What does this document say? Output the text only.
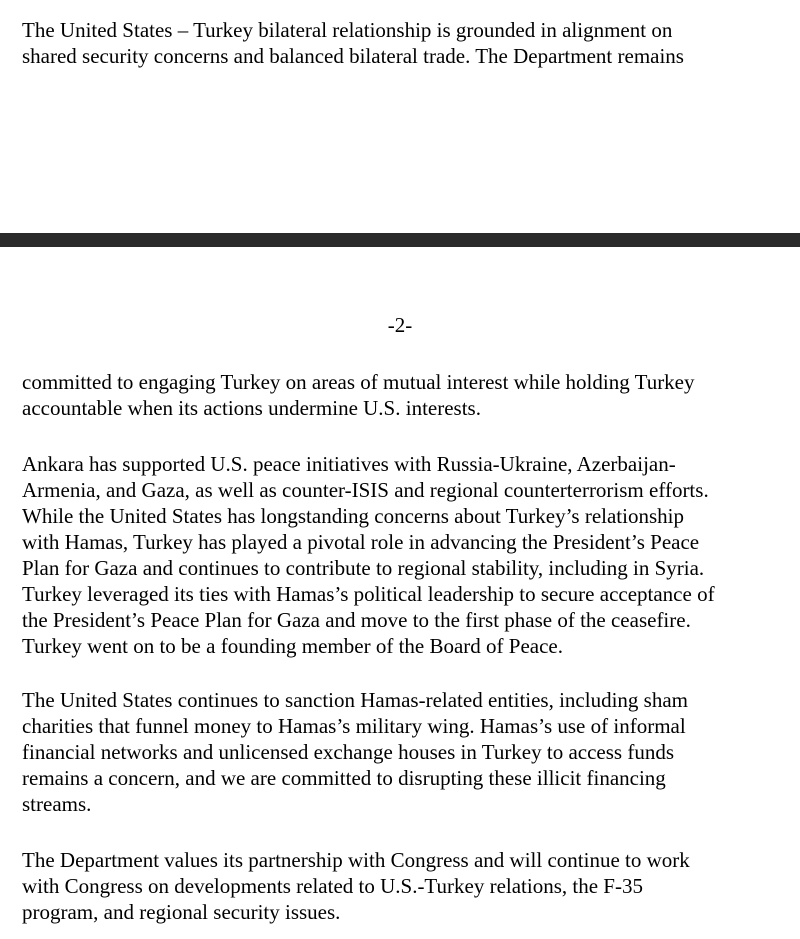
The United States – Turkey bilateral relationship is grounded in alignment on

shared security concerns and balanced bilateral trade. The Department remains

-2-

committed to engaging Turkey on areas of mutual interest while holding Turkey

accountable when its actions undermine U.S. interests.

Ankara has supported U.S. peace initiatives with Russia-Ukraine, Azerbaijan-

Armenia, and Gaza, as well as counter-ISIS and regional counterterrorism efforts.

While the United States has longstanding concerns about Turkey’s relationship

with Hamas, Turkey has played a pivotal role in advancing the President’s Peace

Plan for Gaza and continues to contribute to regional stability, including in Syria.

Turkey leveraged its ties with Hamas’s political leadership to secure acceptance of

the President’s Peace Plan for Gaza and move to the first phase of the ceasefire.

Turkey went on to be a founding member of the Board of Peace.

The United States continues to sanction Hamas-related entities, including sham

charities that funnel money to Hamas’s military wing. Hamas’s use of informal

financial networks and unlicensed exchange houses in Turkey to access funds

remains a concern, and we are committed to disrupting these illicit financing

streams.

The Department values its partnership with Congress and will continue to work

with Congress on developments related to U.S.-Turkey relations, the F-35

program, and regional security issues.
